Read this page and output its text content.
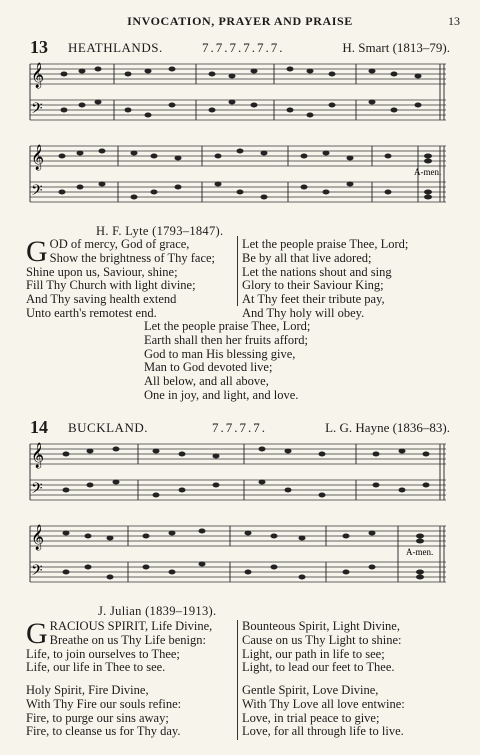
INVOCATION, PRAYER AND PRAISE	13
13 HEATHLANDS.	7.7.7.7.7.7.	H. Smart (1813–79).
𝄞
𝄢
𝄞
𝄢
A-men.
H. F. Lyte (1793–1847).
G OD of mercy, God of grace,
Show the brightness of Thy face;
Shine upon us, Saviour, shine;
Fill Thy Church with light divine;
And Thy saving health extend
Unto earth's remotest end.
Let the people praise Thee, Lord;
Be by all that live adored;
Let the nations shout and sing
Glory to their Saviour King;
At Thy feet their tribute pay,
And Thy holy will obey.
Let the people praise Thee, Lord;
Earth shall then her fruits afford;
God to man His blessing give,
Man to God devoted live;
All below, and all above,
One in joy, and light, and love.
14 BUCKLAND.	7.7.7.7.	L. G. Hayne (1836–83).
𝄞
𝄢
𝄞
𝄢
A-men.
J. Julian (1839–1913).
G RACIOUS SPIRIT, Life Divine,
Breathe on us Thy Life benign:
Life, to join ourselves to Thee;
Life, our life in Thee to see.
Bounteous Spirit, Light Divine,
Cause on us Thy Light to shine:
Light, our path in life to see;
Light, to lead our feet to Thee.
Holy Spirit, Fire Divine,
With Thy Fire our souls refine:
Fire, to purge our sins away;
Fire, to cleanse us for Thy day.
Gentle Spirit, Love Divine,
With Thy Love all love entwine:
Love, in trial peace to give;
Love, for all through life to live.
